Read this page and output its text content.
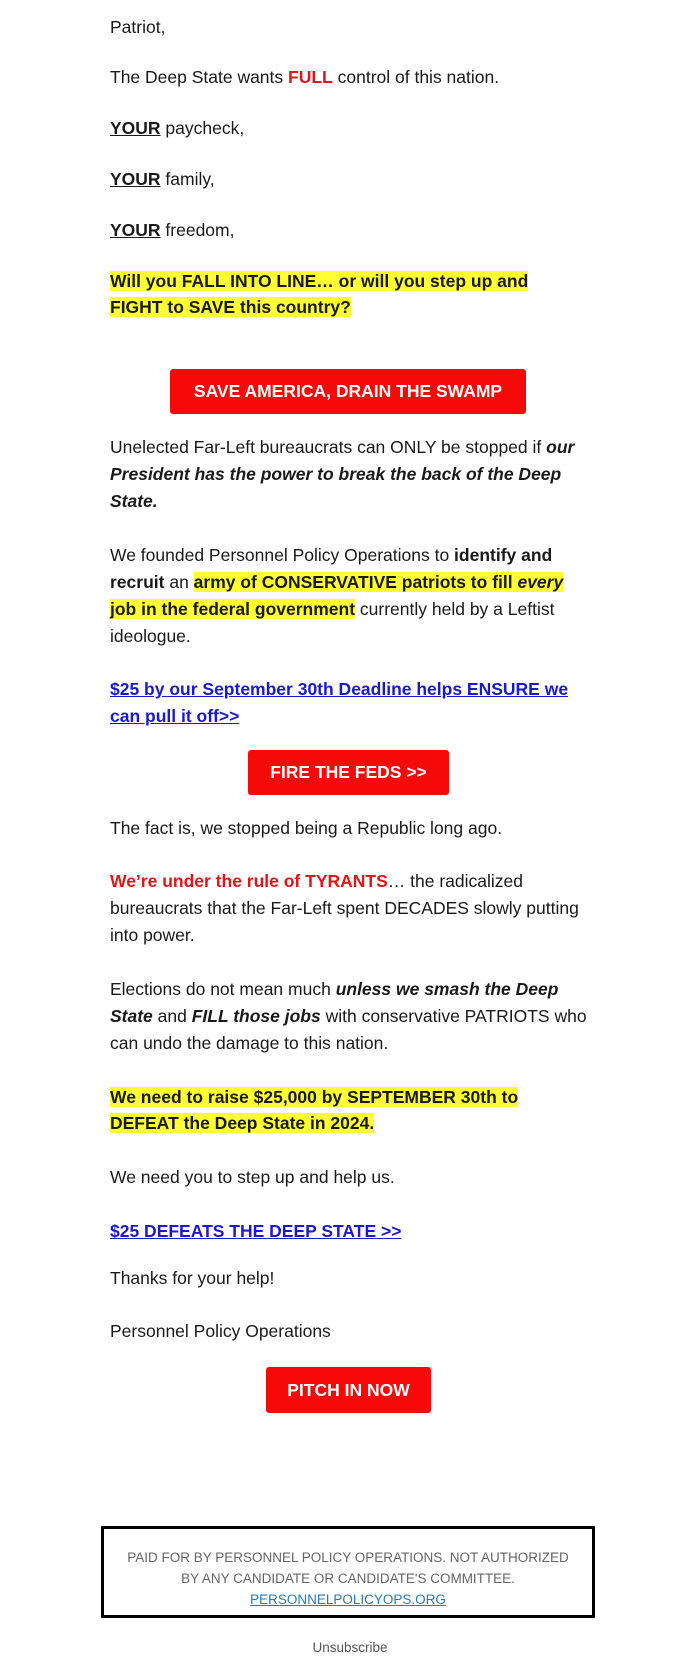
Patriot,

The Deep State wants FULL control of this nation.

YOUR paycheck,

YOUR family,

YOUR freedom,

Will you FALL INTO LINE… or will you step up and
FIGHT to SAVE this country?
SAVE AMERICA, DRAIN THE SWAMP

Unelected Far-Left bureaucrats can ONLY be stopped if our President has the power to break the back of the Deep State.

We founded Personnel Policy Operations to identify and recruit an army of CONSERVATIVE patriots to fill every job in the federal government currently held by a Leftist ideologue.

$25 by our September 30th Deadline helps ENSURE we can pull it off>>

FIRE THE FEDS >>

The fact is, we stopped being a Republic long ago.

We’re under the rule of TYRANTS… the radicalized bureaucrats that the Far-Left spent DECADES slowly putting into power.

Elections do not mean much unless we smash the Deep State and FILL those jobs with conservative PATRIOTS who can undo the damage to this nation.

We need to raise $25,000 by SEPTEMBER 30th to
DEFEAT the Deep State in 2024.

We need you to step up and help us.

$25 DEFEATS THE DEEP STATE >>

Thanks for your help!

Personnel Policy Operations

PITCH IN NOW
PAID FOR BY PERSONNEL POLICY OPERATIONS. NOT AUTHORIZED
BY ANY CANDIDATE OR CANDIDATE'S COMMITTEE.
PERSONNELPOLICYOPS.ORG
Unsubscribe
